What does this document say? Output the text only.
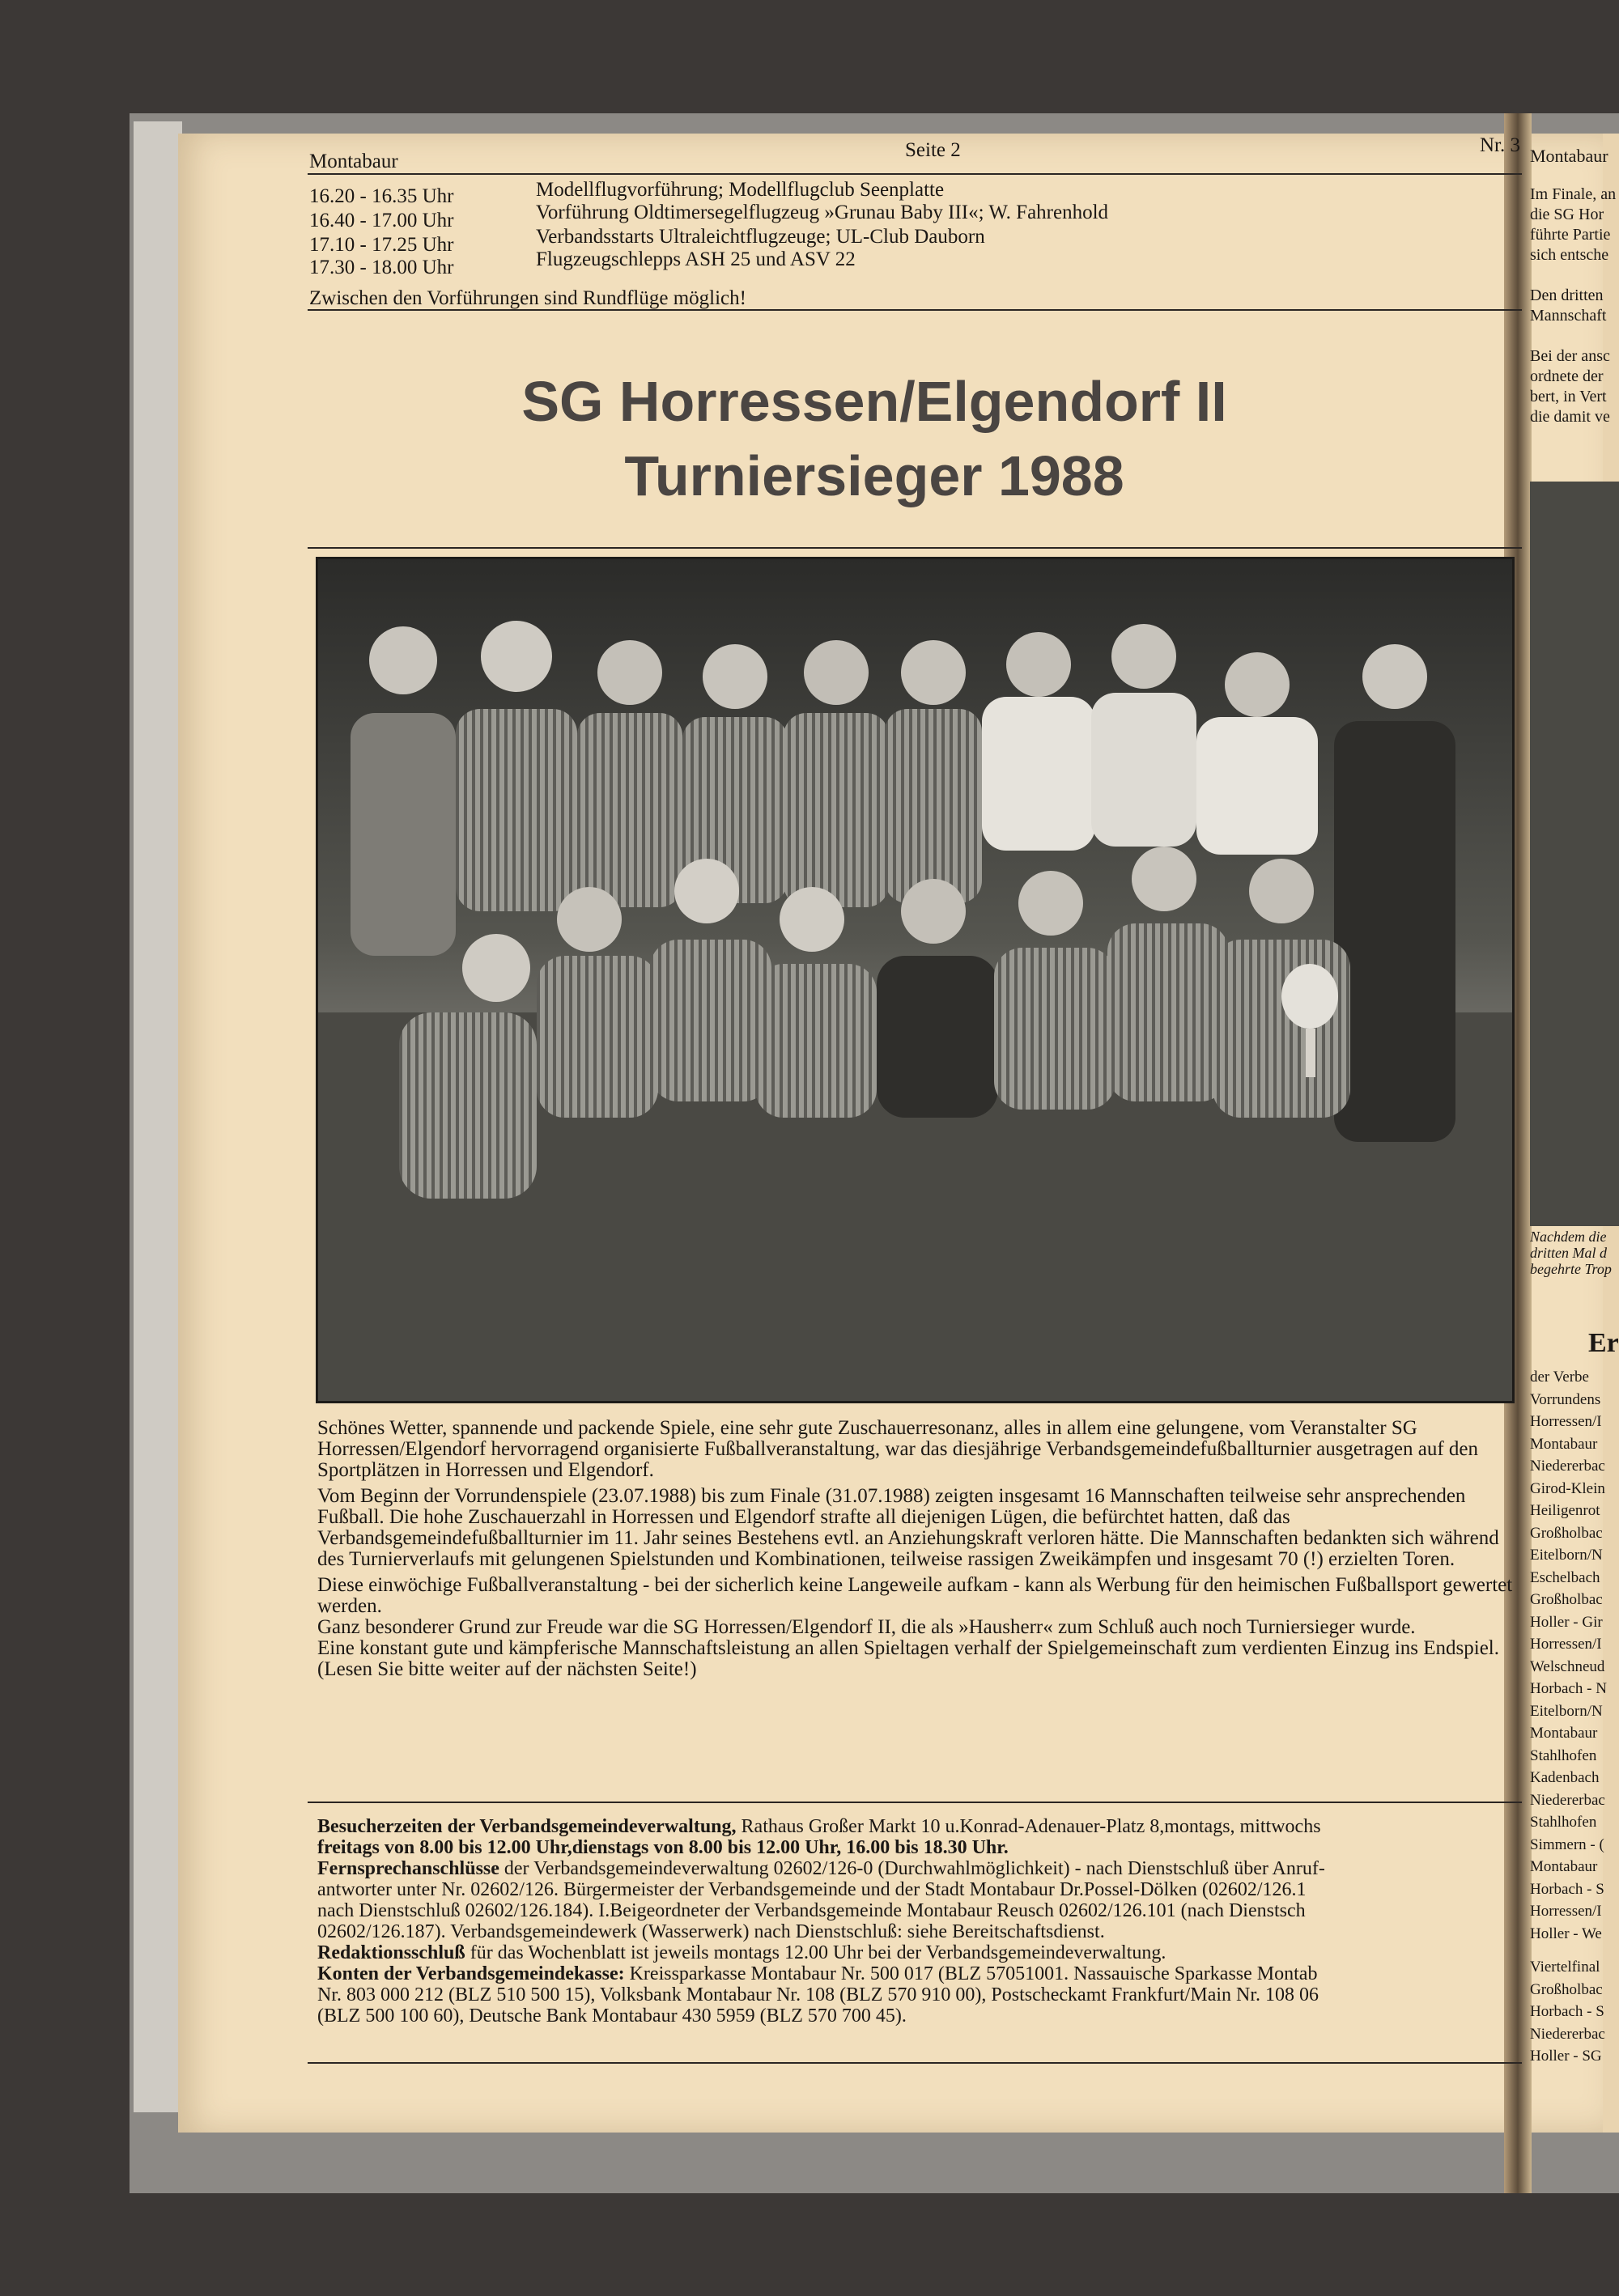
Montabaur
Seite 2	Nr. 3
16.20 - 16.35 Uhr	Modellflugvorführung; Modellflugclub Seenplatte
16.40 - 17.00 Uhr	Vorführung Oldtimersegelflugzeug »Grunau Baby III«; W. Fahrenhold
17.10 - 17.25 Uhr	Verbandsstarts Ultraleichtflugzeuge; UL-Club Dauborn
17.30 - 18.00 Uhr	Flugzeugschlepps ASH 25 und ASV 22
Zwischen den Vorführungen sind Rundflüge möglich!
SG Horressen/Elgendorf II
Turniersieger 1988

Schönes Wetter, spannende und packende Spiele, eine sehr gute Zuschauerresonanz, alles in allem eine gelungene, vom Veranstalter SG Horressen/Elgendorf hervorragend organisierte Fußballveranstaltung, war das diesjährige Verbandsgemeindefußballturnier ausgetragen auf den Sportplätzen in Horressen und Elgendorf.

Vom Beginn der Vorrundenspiele (23.07.1988) bis zum Finale (31.07.1988) zeigten insgesamt 16 Mannschaften teilweise sehr ansprechenden Fußball. Die hohe Zuschauerzahl in Horressen und Elgendorf strafte all diejenigen Lügen, die befürchtet hatten, daß das Verbandsgemeindefußballturnier im 11. Jahr seines Bestehens evtl. an Anziehungskraft verloren hätte. Die Mannschaften bedankten sich während des Turnierverlaufs mit gelungenen Spielstunden und Kombinationen, teilweise rassigen Zweikämpfen und insgesamt 70 (!) erzielten Toren.

Diese einwöchige Fußballveranstaltung - bei der sicherlich keine Langeweile aufkam - kann als Werbung für den heimischen Fußballsport gewertet werden.

Ganz besonderer Grund zur Freude war die SG Horressen/Elgendorf II, die als »Hausherr« zum Schluß auch noch Turniersieger wurde.

Eine konstant gute und kämpferische Mannschaftsleistung an allen Spieltagen verhalf der Spielgemeinschaft zum verdienten Einzug ins Endspiel.

(Lesen Sie bitte weiter auf der nächsten Seite!)

Besucherzeiten der Verbandsgemeindeverwaltung, Rathaus Großer Markt 10 u.Konrad-Adenauer-Platz 8,montags, mittwochs
freitags von 8.00 bis 12.00 Uhr,dienstags von 8.00 bis 12.00 Uhr, 16.00 bis 18.30 Uhr.
Fernsprechanschlüsse der Verbandsgemeindeverwaltung 02602/126-0 (Durchwahlmöglichkeit) - nach Dienstschluß über Anruf-
antworter unter Nr. 02602/126. Bürgermeister der Verbandsgemeinde und der Stadt Montabaur Dr.Possel-Dölken (02602/126.1
nach Dienstschluß 02602/126.184). I.Beigeordneter der Verbandsgemeinde Montabaur Reusch 02602/126.101 (nach Dienstsch
02602/126.187). Verbandsgemeindewerk (Wasserwerk) nach Dienstschluß: siehe Bereitschaftsdienst.
Redaktionsschluß für das Wochenblatt ist jeweils montags 12.00 Uhr bei der Verbandsgemeindeverwaltung.
Konten der Verbandsgemeindekasse: Kreissparkasse Montabaur Nr. 500 017 (BLZ 57051001. Nassauische Sparkasse Montab
Nr. 803 000 212 (BLZ 510 500 15), Volksbank Montabaur Nr. 108 (BLZ 570 910 00), Postscheckamt Frankfurt/Main Nr. 108 06
(BLZ 500 100 60), Deutsche Bank Montabaur 430 5959 (BLZ 570 700 45).
Montabaur
Im Finale, an
die SG Hor
führte Partie
sich entsche
Den dritten
Mannschaft
Bei der ansc
ordnete der
bert, in Vert
die damit ve
Nachdem die
dritten Mal d
begehrte Trop
Er
der Verbe
Vorrundens
Horressen/I
Montabaur
Niedererbac
Girod-Klein
Heiligenrot
Großholbac
Eitelborn/N
Eschelbach
Großholbac
Holler - Gir
Horressen/I
Welschneud
Horbach - N
Eitelborn/N
Montabaur
Stahlhofen
Kadenbach
Niedererbac
Stahlhofen
Simmern - (
Montabaur
Horbach - S
Horressen/I
Holler - We
Viertelfinal
Großholbac
Horbach - S
Niedererbac
Holler - SG
